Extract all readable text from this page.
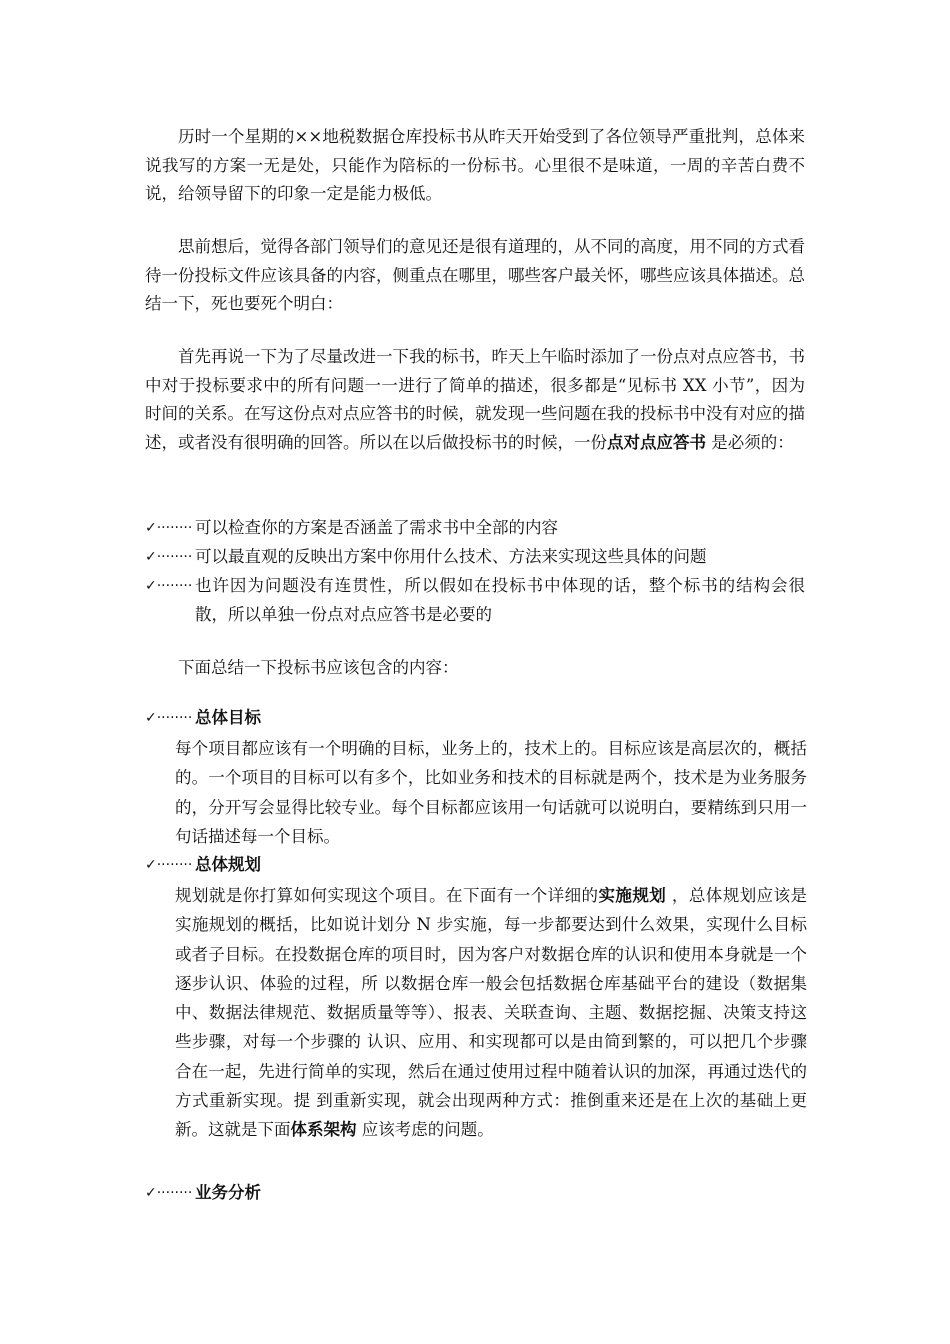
历时一个星期的××地税数据仓库投标书从昨天开始受到了各位领导严重批判，总体来说我写的方案一无是处，只能作为陪标的一份标书。心里很不是味道，一周的辛苦白费不说，给领导留下的印象一定是能力极低。

思前想后，觉得各部门领导们的意见还是很有道理的，从不同的高度，用不同的方式看待一份投标文件应该具备的内容，侧重点在哪里，哪些客户最关怀，哪些应该具体描述。总结一下，死也要死个明白：

首先再说一下为了尽量改进一下我的标书，昨天上午临时添加了一份点对点应答书，书中对于投标要求中的所有问题一一进行了简单的描述，很多都是“见标书 XX 小节”，因为时间的关系。在写这份点对点应答书的时候，就发现一些问题在我的投标书中没有对应的描述，或者没有很明确的回答。所以在以后做投标书的时候，一份点对点应答书 是必须的：

✓········ 可以检查你的方案是否涵盖了需求书中全部的内容
✓········ 可以最直观的反映出方案中你用什么技术、方法来实现这些具体的问题
✓········ 也许因为问题没有连贯性，所以假如在投标书中体现的话，整个标书的结构会很散，所以单独一份点对点应答书是必要的

下面总结一下投标书应该包含的内容：

✓········ 总体目标

每个项目都应该有一个明确的目标，业务上的，技术上的。目标应该是高层次的，概括的。一个项目的目标可以有多个，比如业务和技术的目标就是两个，技术是为业务服务的，分开写会显得比较专业。每个目标都应该用一句话就可以说明白，要精练到只用一句话描述每一个目标。

✓········ 总体规划

规划就是你打算如何实现这个项目。在下面有一个详细的实施规划 ，总体规划应该是实施规划的概括，比如说计划分 N 步实施，每一步都要达到什么效果，实现什么目标或者子目标。在投数据仓库的项目时，因为客户对数据仓库的认识和使用本身就是一个逐步认识、体验的过程，所 以数据仓库一般会包括数据仓库基础平台的建设（数据集中、数据法律规范、数据质量等等）、报表、关联查询、主题、数据挖掘、决策支持这些步骤，对每一个步骤的 认识、应用、和实现都可以是由简到繁的，可以把几个步骤合在一起，先进行简单的实现，然后在通过使用过程中随着认识的加深，再通过迭代的方式重新实现。提 到重新实现，就会出现两种方式：推倒重来还是在上次的基础上更新。这就是下面体系架构 应该考虑的问题。

✓········ 业务分析
